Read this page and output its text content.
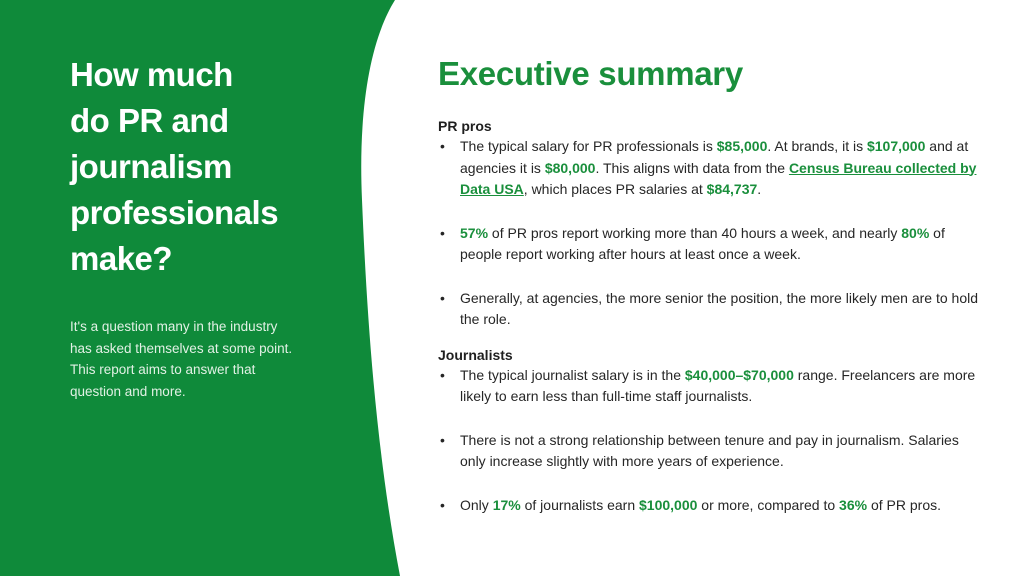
How much
do PR and
journalism
professionals
make?

It's a question many in the industry has asked themselves at some point. This report aims to answer that question and more.

Executive summary
PR pros
• The typical salary for PR professionals is $85,000. At brands, it is $107,000 and at agencies it is $80,000. This aligns with data from the Census Bureau collected by Data USA, which places PR salaries at $84,737.
• 57% of PR pros report working more than 40 hours a week, and nearly 80% of people report working after hours at least once a week.
• Generally, at agencies, the more senior the position, the more likely men are to hold the role.
Journalists
• The typical journalist salary is in the $40,000–$70,000 range. Freelancers are more likely to earn less than full-time staff journalists.
• There is not a strong relationship between tenure and pay in journalism. Salaries only increase slightly with more years of experience.
• Only 17% of journalists earn $100,000 or more, compared to 36% of PR pros.
